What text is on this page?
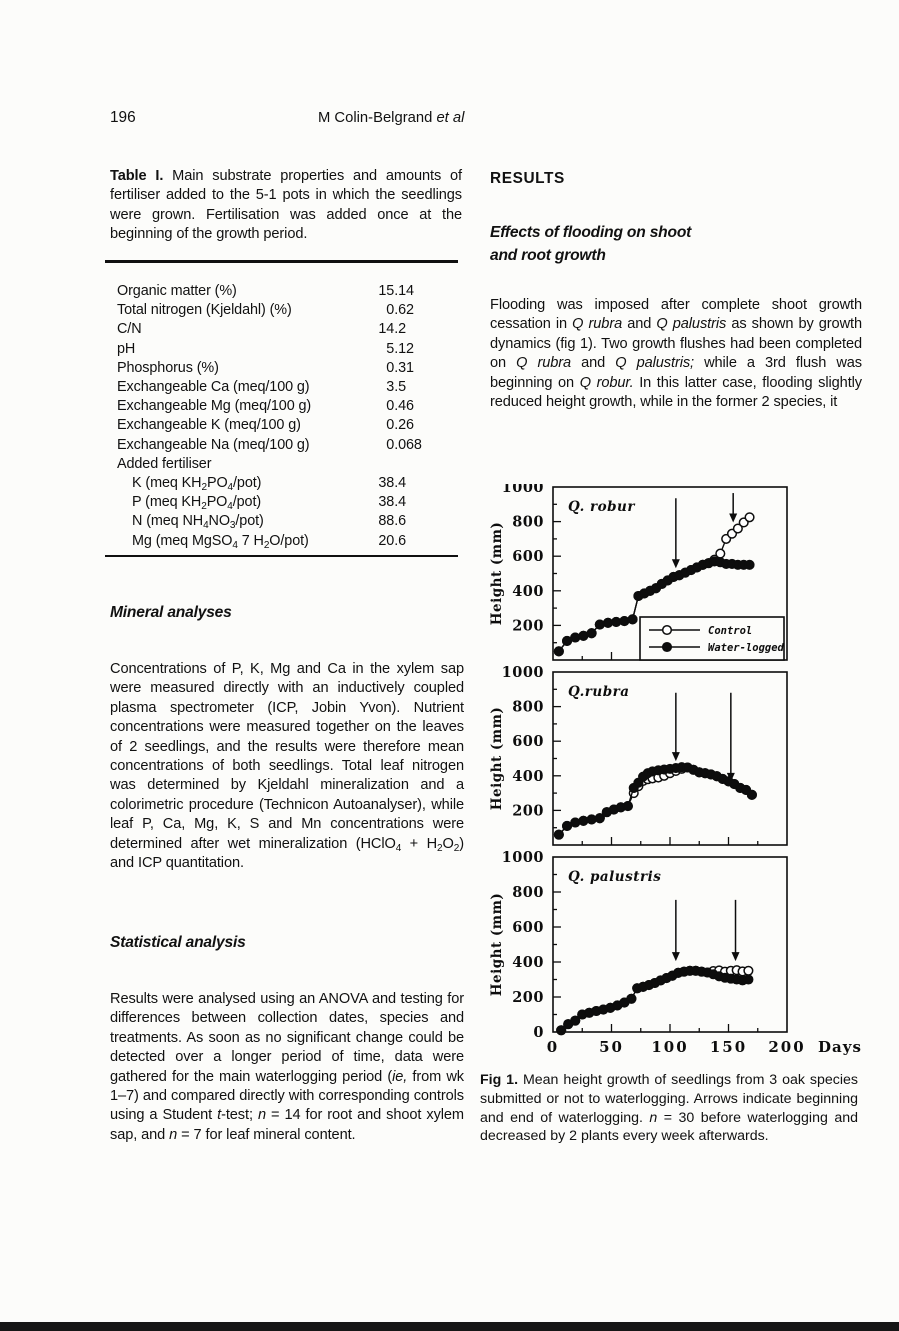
196	M Colin-Belgrand et al
Table I. Main substrate properties and amounts of fertiliser added to the 5-1 pots in which the seedlings were grown. Fertilisation was added once at the beginning of the growth period.
Organic matter (%)	15.14
Total nitrogen (Kjeldahl) (%)	0.62
C/N	14.2
pH	5.12
Phosphorus (%)	0.31
Exchangeable Ca (meq/100 g)	3.5
Exchangeable Mg (meq/100 g)	0.46
Exchangeable K (meq/100 g)	0.26
Exchangeable Na (meq/100 g)	0.068
Added fertiliser
K (meq $KH_2PO_4/pot$)	38.4
P (meq $KH_2PO_4/pot$)	38.4
N (meq $NH_4NO_3/pot$)	88.6
Mg (meq MgSO$_4$ 7 $H_2O/pot$)	20.6
Mineral analyses
Concentrations of P, K, Mg and Ca in the xylem sap were measured directly with an inductively coupled plasma spectrometer (ICP, Jobin Yvon). Nutrient concentrations were measured together on the leaves of 2 seedlings, and the results were therefore mean concentrations of both seedlings. Total leaf nitrogen was determined by Kjeldahl mineralization and a colorimetric procedure (Technicon Autoanalyser), while leaf P, Ca, Mg, K, S and Mn concentrations were determined after wet mineralization (HClO$_4$ + $H_2O_2$) and ICP quantitation.
Statistical analysis
Results were analysed using an ANOVA and testing for differences between collection dates, species and treatments. As soon as no significant change could be detected over a longer period of time, data were gathered for the main waterlogging period (ie, from wk 1–7) and compared directly with corresponding controls using a Student t-test; n = 14 for root and shoot xylem sap, and n = 7 for leaf mineral content.
RESULTS
Effects of flooding on shoot
and root growth
Flooding was imposed after complete shoot growth cessation in Q rubra and Q palustris as shown by growth dynamics (fig 1). Two growth flushes had been completed on Q rubra and Q palustris; while a 3rd flush was beginning on Q robur. In this latter case, flooding slightly reduced height growth, while in the former 2 species, it
200
400
600
800
1000
Height (mm)
Q. robur
Control
Water-logged
200
400
600
800
1000
Height (mm)
Q.rubra
0
200
400
600
800
1000
0	50 100 150 200 Days
Height (mm)
Q. palustris
Fig 1. Mean height growth of seedlings from 3 oak species submitted or not to waterlogging. Arrows indicate beginning and end of waterlogging. n = 30 before waterlogging and decreased by 2 plants every week afterwards.
